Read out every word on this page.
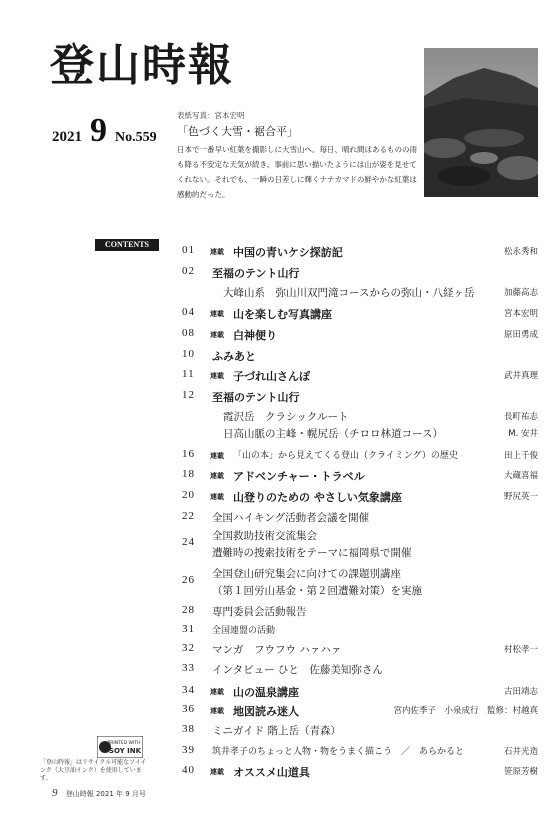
登山時報
2021 9 No.559
表紙写真：宮本宏明
「色づく大雪・裾合平」
日本で一番早い紅葉を撮影しに大雪山へ。毎日、晴れ間はあるものの雨も降る不安定な天気が続き、事前に思い描いたようには山が姿を見せてくれない。それでも、一瞬の日差しに輝くナナカマドの鮮やかな紅葉は感動的だった。
CONTENTS	01	連載 中国の青いケシ探訪記	松永秀和
02	至福のテント山行
大峰山系　弥山川双門滝コースからの弥山・八経ヶ岳	加藤高志
04	連載 山を楽しむ写真講座	宮本宏明
08	連載 白神便り	原田勇成
10	ふみあと
11	連載 子づれ山さんぽ	武井真理
12	至福のテント山行
霞沢岳　クラシックルート	長町祐志
日高山脈の主峰・幌尻岳（チロロ林道コース）	M. 安井
16	連載 「山の本」から見えてくる登山（クライミング）の歴史	田上千俊
18	連載 アドベンチャー・トラベル	大蔵喜福
20	連載 山登りのための やさしい気象講座	野尻英一
22	全国ハイキング活動者会議を開催
24	全国救助技術交流集会
遭難時の捜索技術をテーマに福岡県で開催
26	全国登山研究集会に向けての課題別講座
（第１回労山基金・第２回遭難対策）を実施
28	専門委員会活動報告
31	全国連盟の活動
32	マンガ　フウフウ ハァハァ	村松孝一
33	インタビュー ひと　佐藤美知弥さん
34	連載 山の温泉講座	古田靖志
36	連載 地図読み迷人	宮内佐季子　小泉成行　監修：村越真
38	ミニガイド 階上岳（青森）
39	筑井孝子のちょっと人物・物をうまく描こう　／　あらかると	石井光造
40	連載 オススメ山道具	笹原芳樹
PRINTED WITH
SOY INK
「登山時報」はリサイクル可能なソイインク（大豆油インク）を使用しています。
9 登山時報 2021 年 9 月号
